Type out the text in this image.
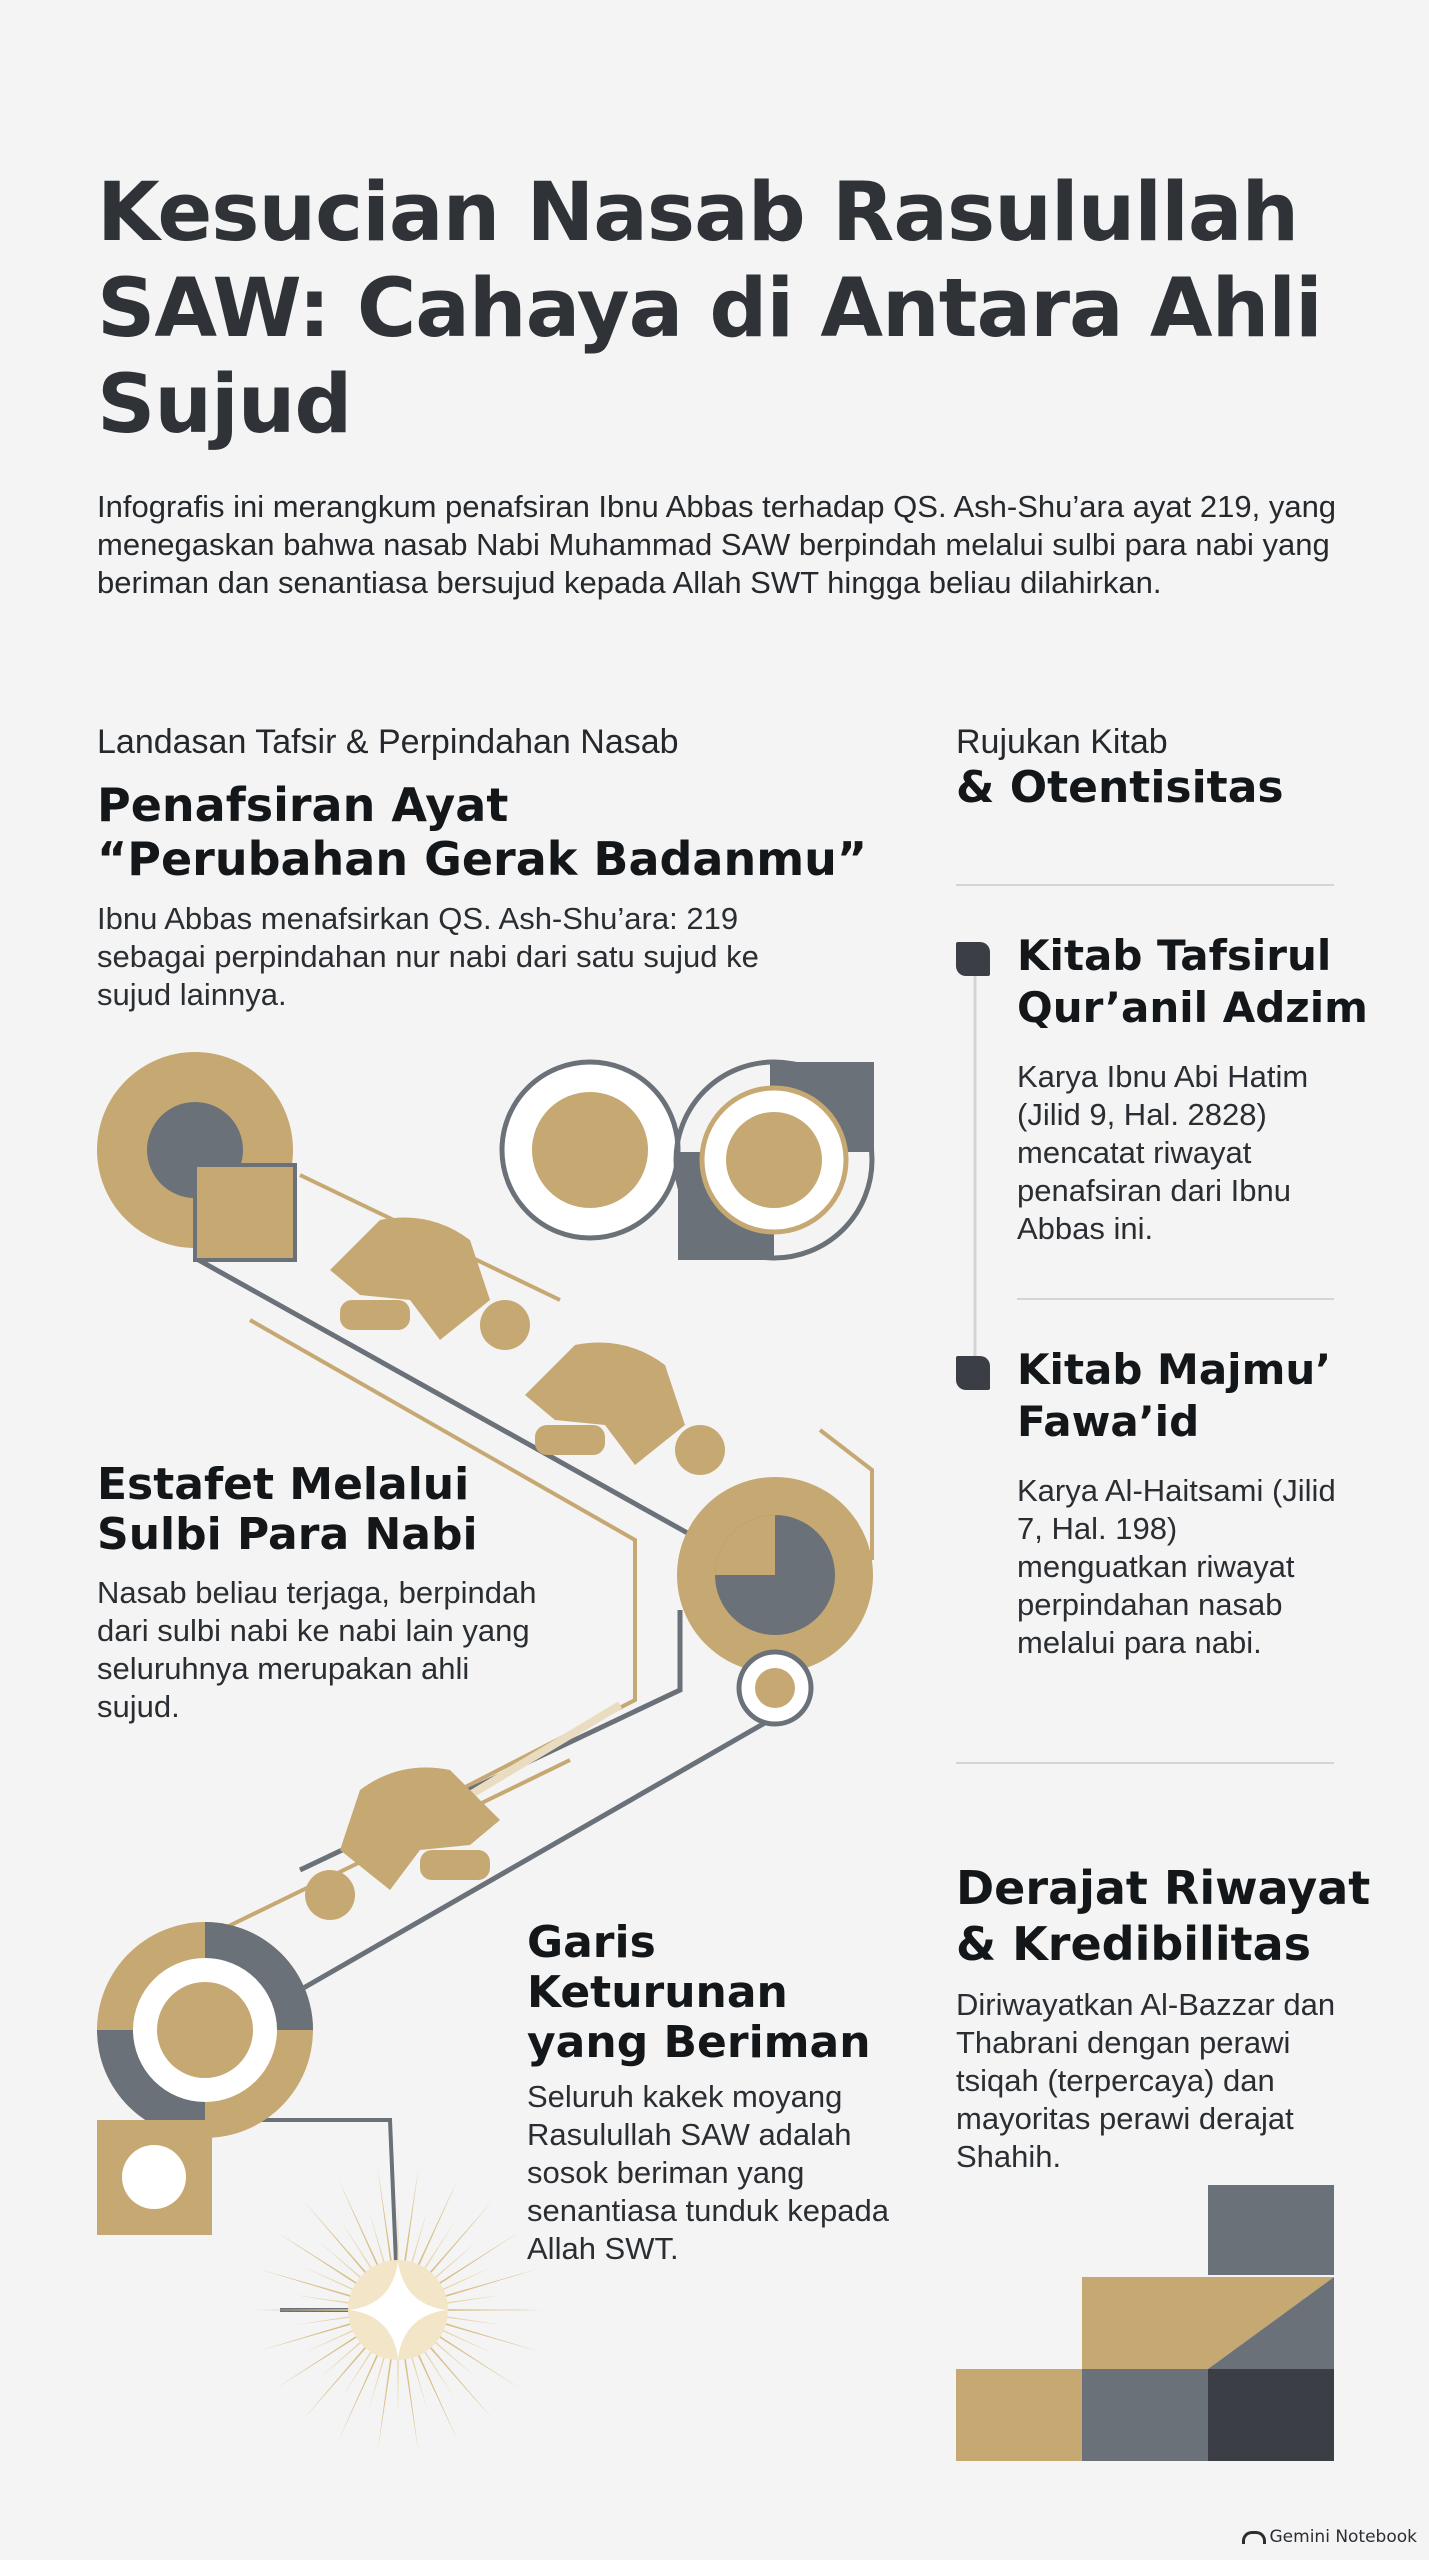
Kesucian Nasab Rasulullah SAW: Cahaya di Antara Ahli Sujud

Infografis ini merangkum penafsiran Ibnu Abbas terhadap QS. Ash-Shu’ara ayat 219, yang menegaskan bahwa nasab Nabi Muhammad SAW berpindah melalui sulbi para nabi yang beriman dan senantiasa bersujud kepada Allah SWT hingga beliau dilahirkan.

Landasan Tafsir & Perpindahan Nasab
Penafsiran Ayat
“Perubahan Gerak Badanmu”

Ibnu Abbas menafsirkan QS. Ash-Shu’ara: 219 sebagai perpindahan nur nabi dari satu sujud ke sujud lainnya.

Estafet Melalui
Sulbi Para Nabi

Nasab beliau terjaga, berpindah dari sulbi nabi ke nabi lain yang seluruhnya merupakan ahli sujud.

Garis Keturunan
yang Beriman

Seluruh kakek moyang Rasulullah SAW adalah sosok beriman yang senantiasa tunduk kepada Allah SWT.

Rujukan Kitab
& Otentisitas
Kitab Tafsirul
Qur’anil Adzim

Karya Ibnu Abi Hatim (Jilid 9, Hal. 2828) mencatat riwayat penafsiran dari Ibnu Abbas ini.

Kitab Majmu’
Fawa’id

Karya Al-Haitsami (Jilid 7, Hal. 198) menguatkan riwayat perpindahan nasab melalui para nabi.

Derajat Riwayat
& Kredibilitas

Diriwayatkan Al-Bazzar dan Thabrani dengan perawi tsiqah (terpercaya) dan mayoritas perawi derajat Shahih.

Gemini Notebook
